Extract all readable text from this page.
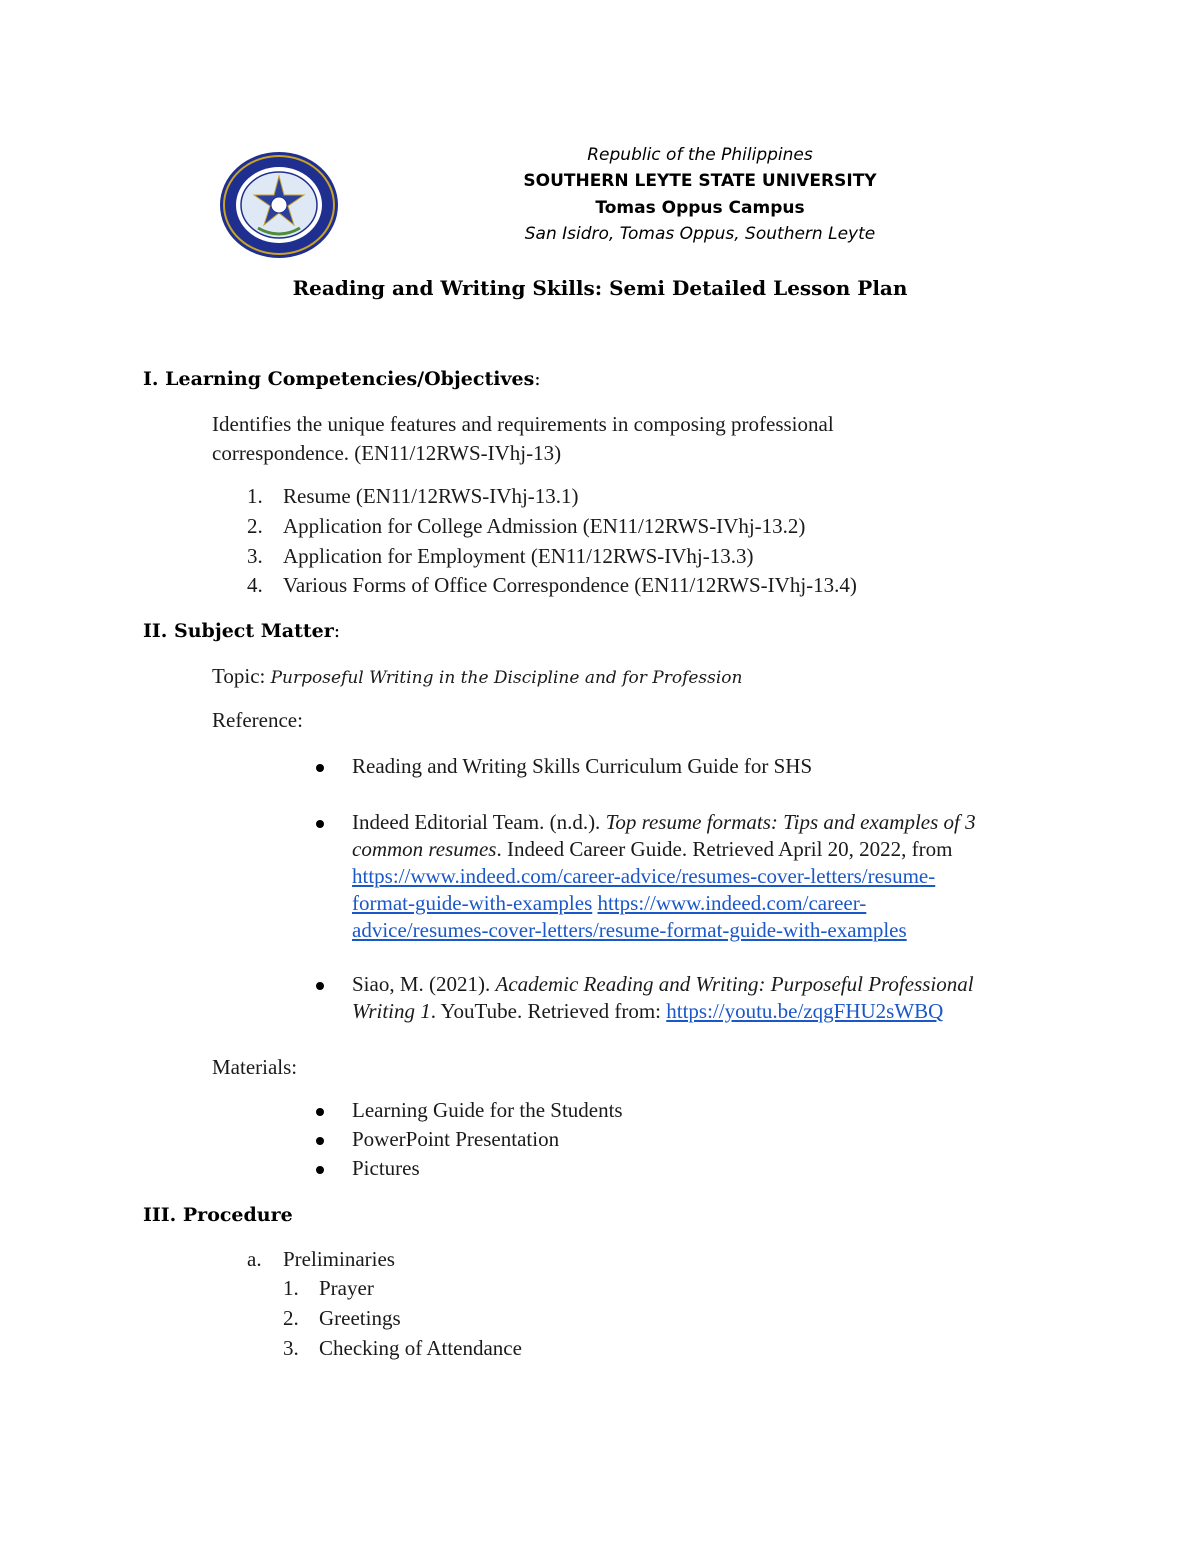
Republic of the Philippines
SOUTHERN LEYTE STATE UNIVERSITY
Tomas Oppus Campus
San Isidro, Tomas Oppus, Southern Leyte
Reading and Writing Skills: Semi Detailed Lesson Plan
I. Learning Competencies/Objectives:
Identifies the unique features and requirements in composing professional
correspondence. (EN11/12RWS-IVhj-13)
1. Resume (EN11/12RWS-IVhj-13.1)
2. Application for College Admission (EN11/12RWS-IVhj-13.2)
3. Application for Employment (EN11/12RWS-IVhj-13.3)
4. Various Forms of Office Correspondence (EN11/12RWS-IVhj-13.4)
II. Subject Matter:
Topic: Purposeful Writing in the Discipline and for Profession
Reference:
Reading and Writing Skills Curriculum Guide for SHS
Indeed Editorial Team. (n.d.). Top resume formats: Tips and examples of 3
common resumes. Indeed Career Guide. Retrieved April 20, 2022, from
https://www.indeed.com/career-advice/resumes-cover-letters/resume-
format-guide-with-examples https://www.indeed.com/career-
advice/resumes-cover-letters/resume-format-guide-with-examples
Siao, M. (2021). Academic Reading and Writing: Purposeful Professional
Writing 1. YouTube. Retrieved from: https://youtu.be/zqgFHU2sWBQ
Materials:
Learning Guide for the Students
PowerPoint Presentation
Pictures
III. Procedure
a. Preliminaries
1. Prayer
2. Greetings
3. Checking of Attendance
